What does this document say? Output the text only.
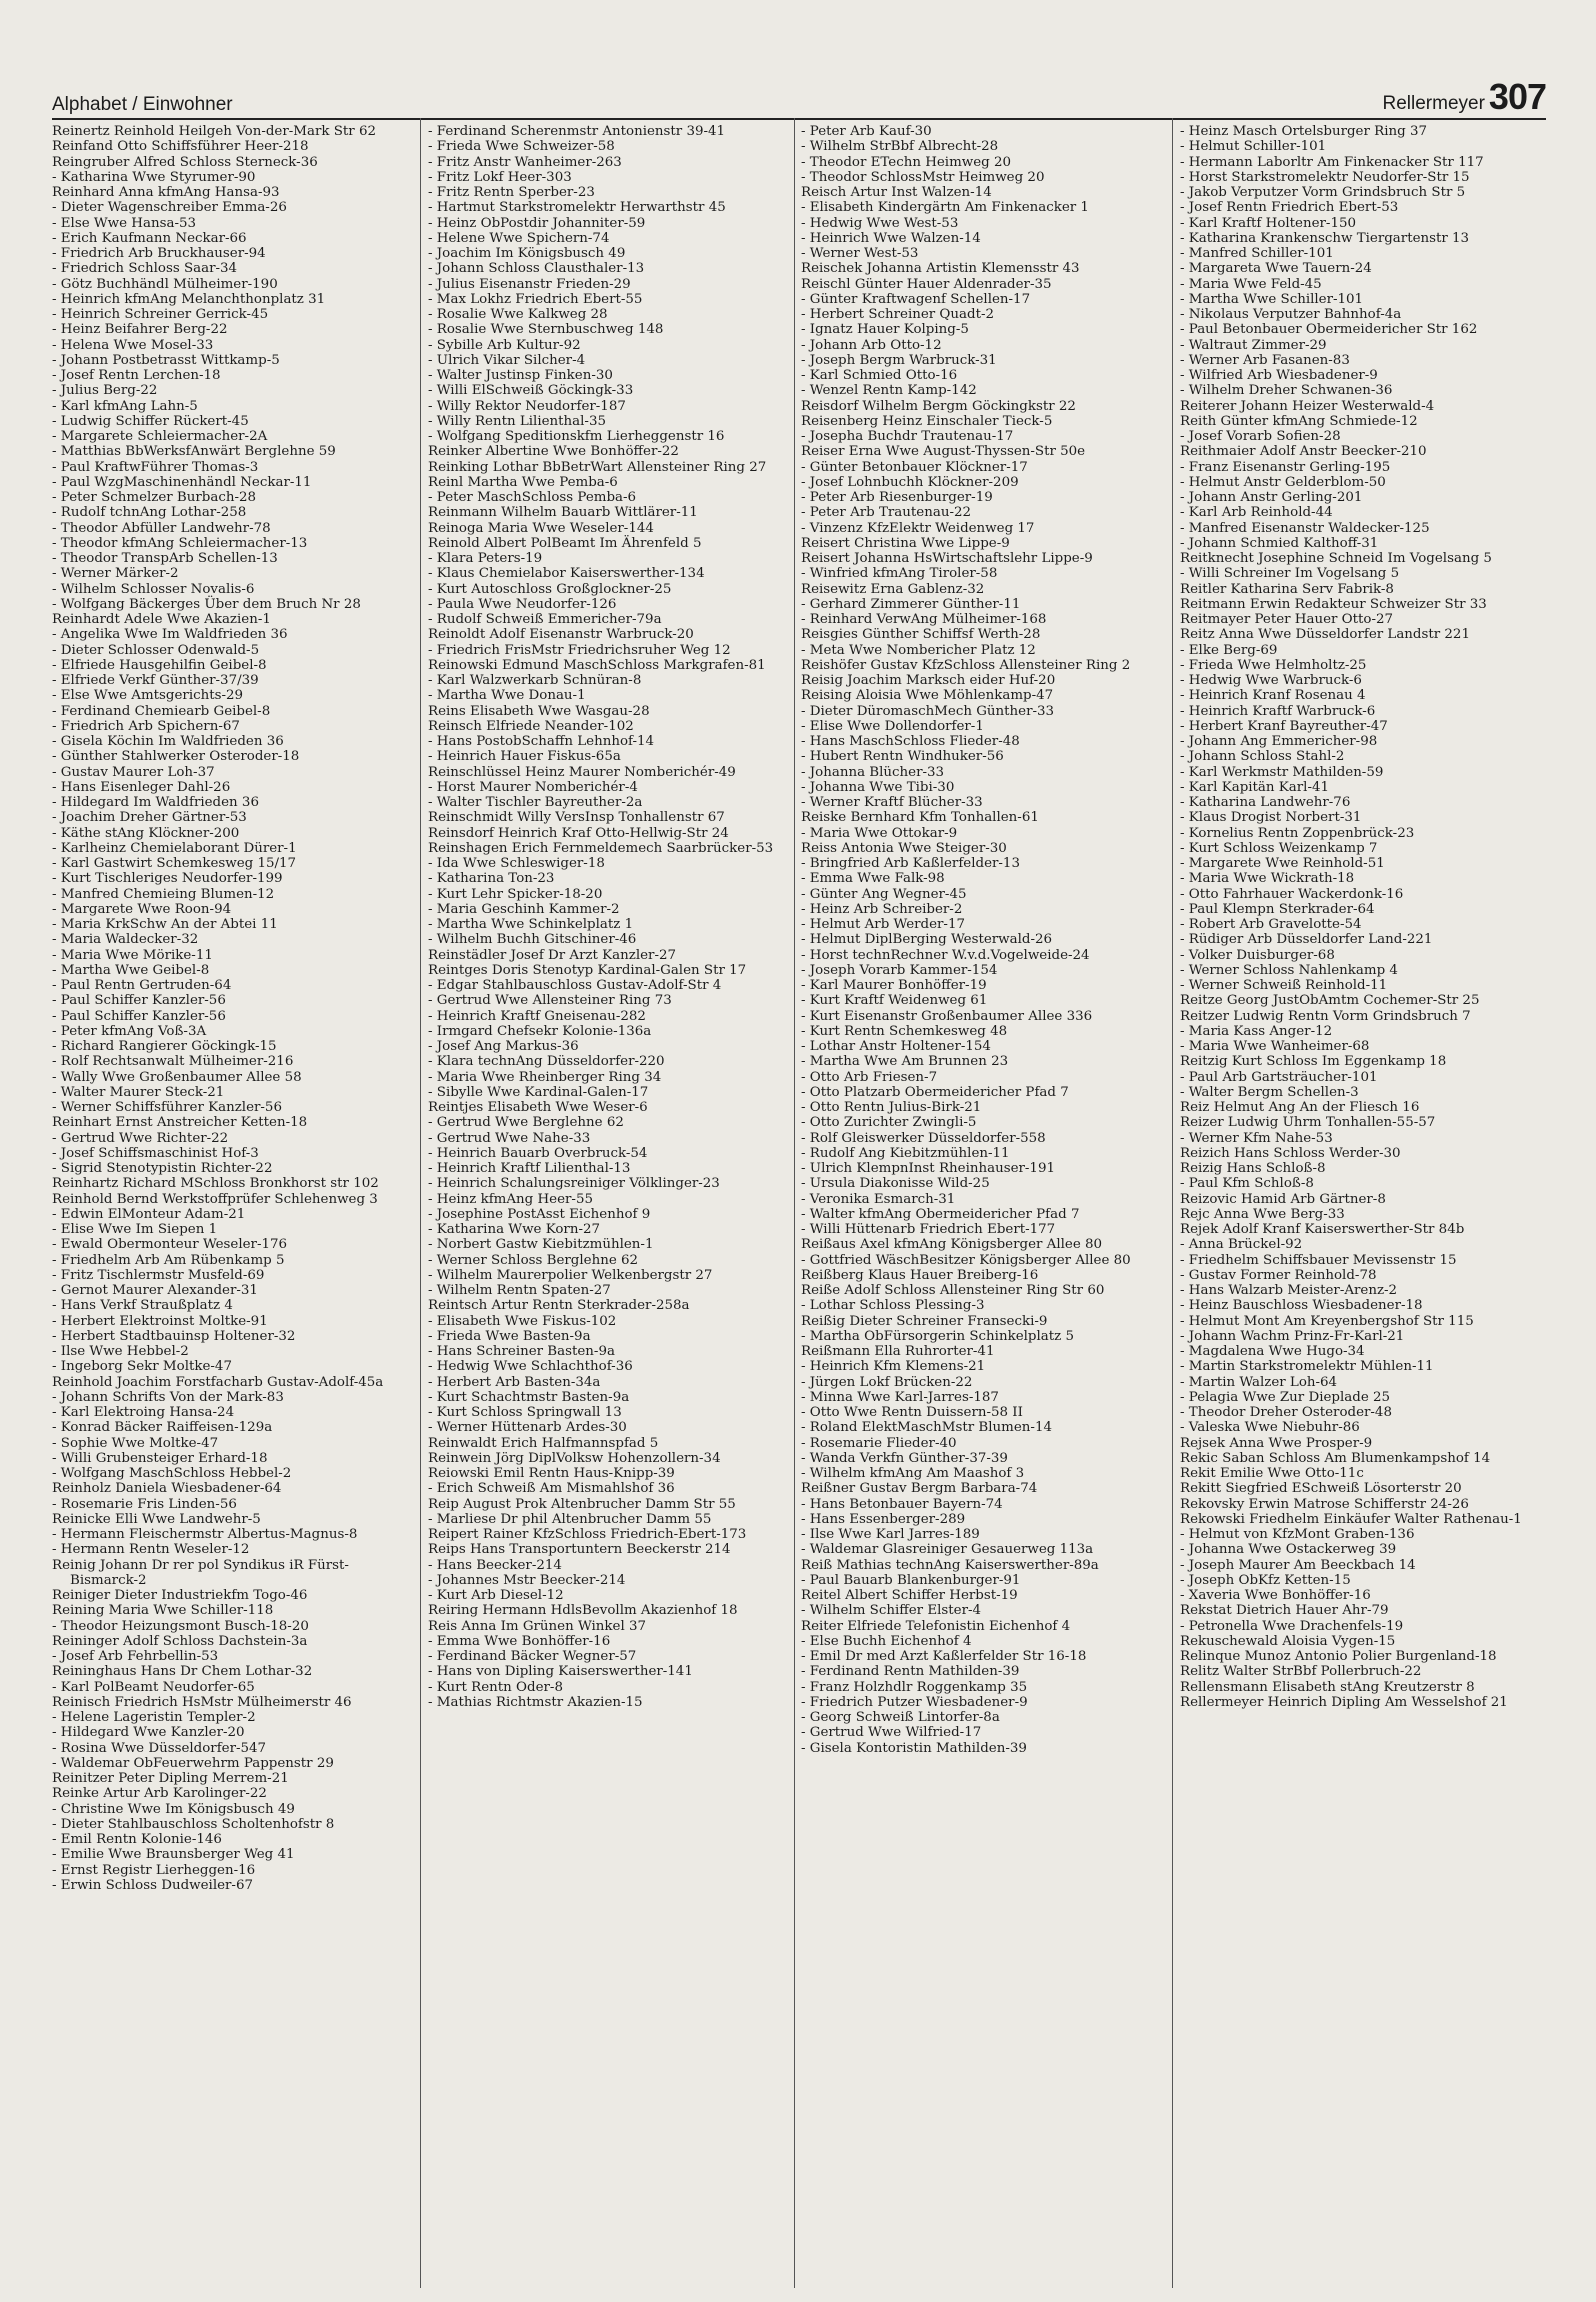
Alphabet / Einwohner	Rellermeyer 307

Reinertz Reinhold Heilgeh Von-der-Mark Str 62

Reinfand Otto Schiffsführer Heer-218

Reingruber Alfred Schloss Sterneck-36

- Katharina Wwe Styrumer-90

Reinhard Anna kfmAng Hansa-93

- Dieter Wagenschreiber Emma-26

- Else Wwe Hansa-53

- Erich Kaufmann Neckar-66

- Friedrich Arb Bruckhauser-94

- Friedrich Schloss Saar-34

- Götz Buchhändl Mülheimer-190

- Heinrich kfmAng Melanchthonplatz 31

- Heinrich Schreiner Gerrick-45

- Heinz Beifahrer Berg-22

- Helena Wwe Mosel-33

- Johann Postbetrasst Wittkamp-5

- Josef Rentn Lerchen-18

- Julius Berg-22

- Karl kfmAng Lahn-5

- Ludwig Schiffer Rückert-45

- Margarete Schleiermacher-2A

- Matthias BbWerksfAnwärt Berglehne 59

- Paul KraftwFührer Thomas-3

- Paul WzgMaschinenhändl Neckar-11

- Peter Schmelzer Burbach-28

- Rudolf tchnAng Lothar-258

- Theodor Abfüller Landwehr-78

- Theodor kfmAng Schleiermacher-13

- Theodor TranspArb Schellen-13

- Werner Märker-2

- Wilhelm Schlosser Novalis-6

- Wolfgang Bäckerges Über dem Bruch Nr 28

Reinhardt Adele Wwe Akazien-1

- Angelika Wwe Im Waldfrieden 36

- Dieter Schlosser Odenwald-5

- Elfriede Hausgehilfin Geibel-8

- Elfriede Verkf Günther-37/39

- Else Wwe Amtsgerichts-29

- Ferdinand Chemiearb Geibel-8

- Friedrich Arb Spichern-67

- Gisela Köchin Im Waldfrieden 36

- Günther Stahlwerker Osteroder-18

- Gustav Maurer Loh-37

- Hans Eisenleger Dahl-26

- Hildegard Im Waldfrieden 36

- Joachim Dreher Gärtner-53

- Käthe stAng Klöckner-200

- Karlheinz Chemielaborant Dürer-1

- Karl Gastwirt Schemkesweg 15/17

- Kurt Tischleriges Neudorfer-199

- Manfred Chemieing Blumen-12

- Margarete Wwe Roon-94

- Maria KrkSchw An der Abtei 11

- Maria Waldecker-32

- Maria Wwe Mörike-11

- Martha Wwe Geibel-8

- Paul Rentn Gertruden-64

- Paul Schiffer Kanzler-56

- Paul Schiffer Kanzler-56

- Peter kfmAng Voß-3A

- Richard Rangierer Göckingk-15

- Rolf Rechtsanwalt Mülheimer-216

- Wally Wwe Großenbaumer Allee 58

- Walter Maurer Steck-21

- Werner Schiffsführer Kanzler-56

Reinhart Ernst Anstreicher Ketten-18

- Gertrud Wwe Richter-22

- Josef Schiffsmaschinist Hof-3

- Sigrid Stenotypistin Richter-22

Reinhartz Richard MSchloss Bronkhorst str 102

Reinhold Bernd Werkstoffprüfer Schlehenweg 3

- Edwin ElMonteur Adam-21

- Elise Wwe Im Siepen 1

- Ewald Obermonteur Weseler-176

- Friedhelm Arb Am Rübenkamp 5

- Fritz Tischlermstr Musfeld-69

- Gernot Maurer Alexander-31

- Hans Verkf Straußplatz 4

- Herbert Elektroinst Moltke-91

- Herbert Stadtbauinsp Holtener-32

- Ilse Wwe Hebbel-2

- Ingeborg Sekr Moltke-47

Reinhold Joachim Forstfacharb Gustav-Adolf-45a

- Johann Schrifts Von der Mark-83

- Karl Elektroing Hansa-24

- Konrad Bäcker Raiffeisen-129a

- Sophie Wwe Moltke-47

- Willi Grubensteiger Erhard-18

- Wolfgang MaschSchloss Hebbel-2

Reinholz Daniela Wiesbadener-64

- Rosemarie Fris Linden-56

Reinicke Elli Wwe Landwehr-5

- Hermann Fleischermstr Albertus-Magnus-8

- Hermann Rentn Weseler-12

Reinig Johann Dr rer pol Syndikus iR Fürst-Bismarck-2

Reiniger Dieter Industriekfm Togo-46

Reining Maria Wwe Schiller-118

- Theodor Heizungsmont Busch-18-20

Reininger Adolf Schloss Dachstein-3a

- Josef Arb Fehrbellin-53

Reininghaus Hans Dr Chem Lothar-32

- Karl PolBeamt Neudorfer-65

Reinisch Friedrich HsMstr Mülheimerstr 46

- Helene Lageristin Templer-2

- Hildegard Wwe Kanzler-20

- Rosina Wwe Düsseldorfer-547

- Waldemar ObFeuerwehrm Pappenstr 29

Reinitzer Peter Dipling Merrem-21

Reinke Artur Arb Karolinger-22

- Christine Wwe Im Königsbusch 49

- Dieter Stahlbauschloss Scholtenhofstr 8

- Emil Rentn Kolonie-146

- Emilie Wwe Braunsberger Weg 41

- Ernst Registr Lierheggen-16

- Erwin Schloss Dudweiler-67

- Ferdinand Scherenmstr Antonienstr 39-41

- Frieda Wwe Schweizer-58

- Fritz Anstr Wanheimer-263

- Fritz Lokf Heer-303

- Fritz Rentn Sperber-23

- Hartmut Starkstromelektr Herwarthstr 45

- Heinz ObPostdir Johanniter-59

- Helene Wwe Spichern-74

- Joachim Im Königsbusch 49

- Johann Schloss Clausthaler-13

- Julius Eisenanstr Frieden-29

- Max Lokhz Friedrich Ebert-55

- Rosalie Wwe Kalkweg 28

- Rosalie Wwe Sternbuschweg 148

- Sybille Arb Kultur-92

- Ulrich Vikar Silcher-4

- Walter Justinsp Finken-30

- Willi ElSchweiß Göckingk-33

- Willy Rektor Neudorfer-187

- Willy Rentn Lilienthal-35

- Wolfgang Speditionskfm Lierheggenstr 16

Reinker Albertine Wwe Bonhöffer-22

Reinking Lothar BbBetrWart Allensteiner Ring 27

Reinl Martha Wwe Pemba-6

- Peter MaschSchloss Pemba-6

Reinmann Wilhelm Bauarb Wittlärer-11

Reinoga Maria Wwe Weseler-144

Reinold Albert PolBeamt Im Ährenfeld 5

- Klara Peters-19

- Klaus Chemielabor Kaiserswerther-134

- Kurt Autoschloss Großglockner-25

- Paula Wwe Neudorfer-126

- Rudolf Schweiß Emmericher-79a

Reinoldt Adolf Eisenanstr Warbruck-20

- Friedrich FrisMstr Friedrichsruher Weg 12

Reinowski Edmund MaschSchloss Markgrafen-81

- Karl Walzwerkarb Schnüran-8

- Martha Wwe Donau-1

Reins Elisabeth Wwe Wasgau-28

Reinsch Elfriede Neander-102

- Hans PostobSchaffn Lehnhof-14

- Heinrich Hauer Fiskus-65a

Reinschlüssel Heinz Maurer Nomberichér-49

- Horst Maurer Nomberichér-4

- Walter Tischler Bayreuther-2a

Reinschmidt Willy VersInsp Tonhallenstr 67

Reinsdorf Heinrich Kraf Otto-Hellwig-Str 24

Reinshagen Erich Fernmeldemech Saarbrücker-53

- Ida Wwe Schleswiger-18

- Katharina Ton-23

- Kurt Lehr Spicker-18-20

- Maria Geschinh Kammer-2

- Martha Wwe Schinkelplatz 1

- Wilhelm Buchh Gitschiner-46

Reinstädler Josef Dr Arzt Kanzler-27

Reintges Doris Stenotyp Kardinal-Galen Str 17

- Edgar Stahlbauschloss Gustav-Adolf-Str 4

- Gertrud Wwe Allensteiner Ring 73

- Heinrich Kraftf Gneisenau-282

- Irmgard Chefsekr Kolonie-136a

- Josef Ang Markus-36

- Klara technAng Düsseldorfer-220

- Maria Wwe Rheinberger Ring 34

- Sibylle Wwe Kardinal-Galen-17

Reintjes Elisabeth Wwe Weser-6

- Gertrud Wwe Berglehne 62

- Gertrud Wwe Nahe-33

- Heinrich Bauarb Overbruck-54

- Heinrich Kraftf Lilienthal-13

- Heinrich Schalungsreiniger Völklinger-23

- Heinz kfmAng Heer-55

- Josephine PostAsst Eichenhof 9

- Katharina Wwe Korn-27

- Norbert Gastw Kiebitzmühlen-1

- Werner Schloss Berglehne 62

- Wilhelm Maurerpolier Welkenbergstr 27

- Wilhelm Rentn Spaten-27

Reintsch Artur Rentn Sterkrader-258a

- Elisabeth Wwe Fiskus-102

- Frieda Wwe Basten-9a

- Hans Schreiner Basten-9a

- Hedwig Wwe Schlachthof-36

- Herbert Arb Basten-34a

- Kurt Schachtmstr Basten-9a

- Kurt Schloss Springwall 13

- Werner Hüttenarb Ardes-30

Reinwaldt Erich Halfmannspfad 5

Reinwein Jörg DiplVolksw Hohenzollern-34

Reiowski Emil Rentn Haus-Knipp-39

- Erich Schweiß Am Mismahlshof 36

Reip August Prok Altenbrucher Damm Str 55

- Marliese Dr phil Altenbrucher Damm 55

Reipert Rainer KfzSchloss Friedrich-Ebert-173

Reips Hans Transportuntern Beeckerstr 214

- Hans Beecker-214

- Johannes Mstr Beecker-214

- Kurt Arb Diesel-12

Reiring Hermann HdlsBevollm Akazienhof 18

Reis Anna Im Grünen Winkel 37

- Emma Wwe Bonhöffer-16

- Ferdinand Bäcker Wegner-57

- Hans von Dipling Kaiserswerther-141

- Kurt Rentn Oder-8

- Mathias Richtmstr Akazien-15

- Peter Arb Kauf-30

- Wilhelm StrBbf Albrecht-28

- Theodor ETechn Heimweg 20

- Theodor SchlossMstr Heimweg 20

Reisch Artur Inst Walzen-14

- Elisabeth Kindergärtn Am Finkenacker 1

- Hedwig Wwe West-53

- Heinrich Wwe Walzen-14

- Werner West-53

Reischek Johanna Artistin Klemensstr 43

Reischl Günter Hauer Aldenrader-35

- Günter Kraftwagenf Schellen-17

- Herbert Schreiner Quadt-2

- Ignatz Hauer Kolping-5

- Johann Arb Otto-12

- Joseph Bergm Warbruck-31

- Karl Schmied Otto-16

- Wenzel Rentn Kamp-142

Reisdorf Wilhelm Bergm Göckingkstr 22

Reisenberg Heinz Einschaler Tieck-5

- Josepha Buchdr Trautenau-17

Reiser Erna Wwe August-Thyssen-Str 50e

- Günter Betonbauer Klöckner-17

- Josef Lohnbuchh Klöckner-209

- Peter Arb Riesenburger-19

- Peter Arb Trautenau-22

- Vinzenz KfzElektr Weidenweg 17

Reisert Christina Wwe Lippe-9

Reisert Johanna HsWirtschaftslehr Lippe-9

- Winfried kfmAng Tiroler-58

Reisewitz Erna Gablenz-32

- Gerhard Zimmerer Günther-11

- Reinhard VerwAng Mülheimer-168

Reisgies Günther Schiffsf Werth-28

- Meta Wwe Nombericher Platz 12

Reishöfer Gustav KfzSchloss Allensteiner Ring 2

Reisig Joachim Marksch eider Huf-20

Reising Aloisia Wwe Möhlenkamp-47

- Dieter DüromaschMech Günther-33

- Elise Wwe Dollendorfer-1

- Hans MaschSchloss Flieder-48

- Hubert Rentn Windhuker-56

- Johanna Blücher-33

- Johanna Wwe Tibi-30

- Werner Kraftf Blücher-33

Reiske Bernhard Kfm Tonhallen-61

- Maria Wwe Ottokar-9

Reiss Antonia Wwe Steiger-30

- Bringfried Arb Kaßlerfelder-13

- Emma Wwe Falk-98

- Günter Ang Wegner-45

- Heinz Arb Schreiber-2

- Helmut Arb Werder-17

- Helmut DiplBerging Westerwald-26

- Horst technRechner W.v.d.Vogelweide-24

- Joseph Vorarb Kammer-154

- Karl Maurer Bonhöffer-19

- Kurt Kraftf Weidenweg 61

- Kurt Eisenanstr Großenbaumer Allee 336

- Kurt Rentn Schemkesweg 48

- Lothar Anstr Holtener-154

- Martha Wwe Am Brunnen 23

- Otto Arb Friesen-7

- Otto Platzarb Obermeidericher Pfad 7

- Otto Rentn Julius-Birk-21

- Otto Zurichter Zwingli-5

- Rolf Gleiswerker Düsseldorfer-558

- Rudolf Ang Kiebitzmühlen-11

- Ulrich KlempnInst Rheinhauser-191

- Ursula Diakonisse Wild-25

- Veronika Esmarch-31

- Walter kfmAng Obermeidericher Pfad 7

- Willi Hüttenarb Friedrich Ebert-177

Reißaus Axel kfmAng Königsberger Allee 80

- Gottfried WäschBesitzer Königsberger Allee 80

Reißberg Klaus Hauer Breiberg-16

Reiße Adolf Schloss Allensteiner Ring Str 60

- Lothar Schloss Plessing-3

Reißig Dieter Schreiner Fransecki-9

- Martha ObFürsorgerin Schinkelplatz 5

Reißmann Ella Ruhrorter-41

- Heinrich Kfm Klemens-21

- Jürgen Lokf Brücken-22

- Minna Wwe Karl-Jarres-187

- Otto Wwe Rentn Duissern-58 II

- Roland ElektMaschMstr Blumen-14

- Rosemarie Flieder-40

- Wanda Verkfn Günther-37-39

- Wilhelm kfmAng Am Maashof 3

Reißner Gustav Bergm Barbara-74

- Hans Betonbauer Bayern-74

- Hans Essenberger-289

- Ilse Wwe Karl Jarres-189

- Waldemar Glasreiniger Gesauerweg 113a

Reiß Mathias technAng Kaiserswerther-89a

- Paul Bauarb Blankenburger-91

Reitel Albert Schiffer Herbst-19

- Wilhelm Schiffer Elster-4

Reiter Elfriede Telefonistin Eichenhof 4

- Else Buchh Eichenhof 4

- Emil Dr med Arzt Kaßlerfelder Str 16-18

- Ferdinand Rentn Mathilden-39

- Franz Holzhdlr Roggenkamp 35

- Friedrich Putzer Wiesbadener-9

- Georg Schweiß Lintorfer-8a

- Gertrud Wwe Wilfried-17

- Gisela Kontoristin Mathilden-39

- Heinz Masch Ortelsburger Ring 37

- Helmut Schiller-101

- Hermann Laborltr Am Finkenacker Str 117

- Horst Starkstromelektr Neudorfer-Str 15

- Jakob Verputzer Vorm Grindsbruch Str 5

- Josef Rentn Friedrich Ebert-53

- Karl Kraftf Holtener-150

- Katharina Krankenschw Tiergartenstr 13

- Manfred Schiller-101

- Margareta Wwe Tauern-24

- Maria Wwe Feld-45

- Martha Wwe Schiller-101

- Nikolaus Verputzer Bahnhof-4a

- Paul Betonbauer Obermeidericher Str 162

- Waltraut Zimmer-29

- Werner Arb Fasanen-83

- Wilfried Arb Wiesbadener-9

- Wilhelm Dreher Schwanen-36

Reiterer Johann Heizer Westerwald-4

Reith Günter kfmAng Schmiede-12

- Josef Vorarb Sofien-28

Reithmaier Adolf Anstr Beecker-210

- Franz Eisenanstr Gerling-195

- Helmut Anstr Gelderblom-50

- Johann Anstr Gerling-201

- Karl Arb Reinhold-44

- Manfred Eisenanstr Waldecker-125

- Johann Schmied Kalthoff-31

Reitknecht Josephine Schneid Im Vogelsang 5

- Willi Schreiner Im Vogelsang 5

Reitler Katharina Serv Fabrik-8

Reitmann Erwin Redakteur Schweizer Str 33

Reitmayer Peter Hauer Otto-27

Reitz Anna Wwe Düsseldorfer Landstr 221

- Elke Berg-69

- Frieda Wwe Helmholtz-25

- Hedwig Wwe Warbruck-6

- Heinrich Kranf Rosenau 4

- Heinrich Kraftf Warbruck-6

- Herbert Kranf Bayreuther-47

- Johann Ang Emmericher-98

- Johann Schloss Stahl-2

- Karl Werkmstr Mathilden-59

- Karl Kapitän Karl-41

- Katharina Landwehr-76

- Klaus Drogist Norbert-31

- Kornelius Rentn Zoppenbrück-23

- Kurt Schloss Weizenkamp 7

- Margarete Wwe Reinhold-51

- Maria Wwe Wickrath-18

- Otto Fahrhauer Wackerdonk-16

- Paul Klempn Sterkrader-64

- Robert Arb Gravelotte-54

- Rüdiger Arb Düsseldorfer Land-221

- Volker Duisburger-68

- Werner Schloss Nahlenkamp 4

- Werner Schweiß Reinhold-11

Reitze Georg JustObAmtm Cochemer-Str 25

Reitzer Ludwig Rentn Vorm Grindsbruch 7

- Maria Kass Anger-12

- Maria Wwe Wanheimer-68

Reitzig Kurt Schloss Im Eggenkamp 18

- Paul Arb Gartsträucher-101

- Walter Bergm Schellen-3

Reiz Helmut Ang An der Fliesch 16

Reizer Ludwig Uhrm Tonhallen-55-57

- Werner Kfm Nahe-53

Reizich Hans Schloss Werder-30

Reizig Hans Schloß-8

- Paul Kfm Schloß-8

Reizovic Hamid Arb Gärtner-8

Rejc Anna Wwe Berg-33

Rejek Adolf Kranf Kaiserswerther-Str 84b

- Anna Brückel-92

- Friedhelm Schiffsbauer Mevissenstr 15

- Gustav Former Reinhold-78

- Hans Walzarb Meister-Arenz-2

- Heinz Bauschloss Wiesbadener-18

- Helmut Mont Am Kreyenbergshof Str 115

- Johann Wachm Prinz-Fr-Karl-21

- Magdalena Wwe Hugo-34

- Martin Starkstromelektr Mühlen-11

- Martin Walzer Loh-64

- Pelagia Wwe Zur Dieplade 25

- Theodor Dreher Osteroder-48

- Valeska Wwe Niebuhr-86

Rejsek Anna Wwe Prosper-9

Rekic Saban Schloss Am Blumenkampshof 14

Rekit Emilie Wwe Otto-11c

Rekitt Siegfried ESchweiß Lösorterstr 20

Rekovsky Erwin Matrose Schifferstr 24-26

Rekowski Friedhelm Einkäufer Walter Rathenau-1

- Helmut von KfzMont Graben-136

- Johanna Wwe Ostackerweg 39

- Joseph Maurer Am Beeckbach 14

- Joseph ObKfz Ketten-15

- Xaveria Wwe Bonhöffer-16

Rekstat Dietrich Hauer Ahr-79

- Petronella Wwe Drachenfels-19

Rekuschewald Aloisia Vygen-15

Relinque Munoz Antonio Polier Burgenland-18

Relitz Walter StrBbf Pollerbruch-22

Rellensmann Elisabeth stAng Kreutzerstr 8

Rellermeyer Heinrich Dipling Am Wesselshof 21
